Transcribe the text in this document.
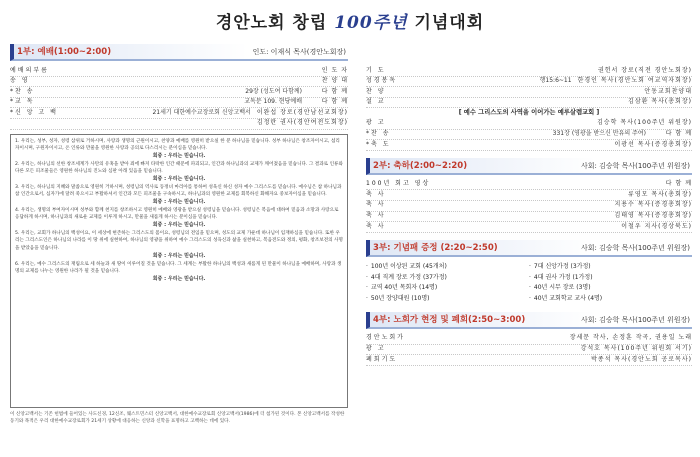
경안노회 창립 100주년 기념대회
1부: 예배(1:00~2:00)	인도: 이재식 목사(경안노회장)
예배의부름	인 도 자
송 영	찬 양 대
*찬 송	29장 (성도여 다함께)	다 함 께
*교 독	교독문 109. 현당예배	다 함 께
*신 앙 고 백	21세기 대한예수교장로회 신앙고백서	이완섭 장로(경안남선교회장)
김정란 권사(경안여전도회장)

1. 우리는, 성부, 성자, 성령 삼위로 거하시며, 사랑과 생명의 근원이시고, 찬양과 예배를 영원히 받으실 한 분 하나님을 믿습니다. 성부 하나님은 창조자이시고, 섭리자이시며, 구원자이시고, 온 인류와 만물을 영원한 사랑과 공의로 다스리시는 분이심을 믿습니다.

회중 : 우리는 믿습니다.

2. 우리는, 하나님의 선한 창조세계가 사탄의 유혹을 받아 죄에 빠져 타락한 인간 때문에 파괴되고, 인간과 하나님과의 교제가 깨어졌음을 믿습니다. 그 결과로 인류와 다른 모든 피조물들은 영원한 하나님의 진노와 심판 아래 있음을 믿습니다.

회중 : 우리는 믿습니다.

3. 우리는, 하나님의 지혜와 말씀으로 영원히 거하시며, 성령님의 역사로 동정녀 마리아를 통하여 성육신 하신 성자 예수 그리스도를 믿습니다. 예수님은 참 하나님과 참 인간으로서, 십자가에 달려 죽으시고 부활하셔서 인간과 모든 피조물을 구속하시고, 하나님과의 영원한 교제를 회복하신 화해자요 중보자이심을 믿습니다.

회중 : 우리는 믿습니다.

4. 우리는, 생명의 부여자이시며 성부와 함께 천지를 창조하시고 영원히 예배와 영광을 받으실 성령님을 믿습니다. 성령님은 복음에 대하여 믿음과 소망과 사랑으로 응답하게 하시며, 하나님과의 새로운 교제를 이루게 하시고, 만물을 새롭게 하시는 분이심을 믿습니다.

회중 : 우리는 믿습니다.

5. 우리는, 교회가 하나님의 백성이요, 이 세상에 현존하는 그리스도의 몸이요, 성령님의 전임을 믿으며, 성도의 교제 가운데 하나님이 임재하심을 믿습니다. 또한 우리는 그리스도인은 하나님의 나라를 이 땅 위에 실현하여, 하나님의 영광을 위하여 예수 그리스도의 성육신과 삶을 실천하고, 복음전도와 정의, 평화, 창조보전의 사명을 받았음을 믿습니다.

회중 : 우리는 믿습니다.

6. 우리는, 예수 그리스도의 재림으로 세 하늘과 새 땅이 이루어질 것을 믿습니다. 그 세계는 부활한 하나님의 백성과 새롭게 된 만물이 하나님을 예배하며, 사랑과 생명의 교제를 나누는 영원한 나라가 될 것을 믿습니다.

회중 : 우리는 믿습니다.
이 신앙고백서는 기존 헌법에 들어있는 사도신경, 12신조, 웨스트민스터 신앙고백서, 대한예수교장로회 신앙고백서(1986)에 더 첨가된 것이다. 본 신앙고백서를 작성한 동기와 목적은 우리 대한예수교장로회가 21세기 상황에 대응하는 신앙과 신학을 표명하고 고백하는 데에 있다.
기 도	권헌서 장로(직전 경안노회장)
성경봉독	행15:6~11	한경인 목사(경안노회 여교역자회장)
찬 양	안동교회찬양대
설 교	김삼환 목사(총회장)
[ 예수 그리스도의 사역을 이어가는 예루살렘교회 ]
광 고	김승학 목사(100주년 위원장)
*찬 송	331장 (영광을 받으신 만유의 주여)	다 함 께
*축 도	이광선 목사(증경총회장)
2부: 축하(2:00~2:20)	사회: 김승학 목사(100주년 위원장)
100년 회고 영상	다 함 께
축 사	류영모 목사(총회장)
축 사	지용수 목사(증경총회장)
축 사	김태영 목사(증경총회장)
축 사	이철우 지사(경상북도)
3부: 기념패 증정 (2:20~2:50)	사회: 김승학 목사(100주년 위원장)
· 100년 이상된 교회 (45개처)	· 7대 신앙가정 (3가정)
· 4대 직계 장로 가정 (37가정)	· 4대 권사 가정 (1가정)
· 교역 40년 목회자 (14명)	· 40년 시무 장로 (3명)
· 50년 장양대원 (10명)	· 40년 교회학교 교사 (4명)
4부: 노회가 현정 및 폐회(2:50~3:00)	사회: 김승학 목사(100주년 위원장)
경안노회가	장세문 작사, 손정훈 작곡, 권용일 노래
광 고	강석호 목사(100주년 위원회 서기)
폐회기도	박종석 목사(경안노회 공로목사)
